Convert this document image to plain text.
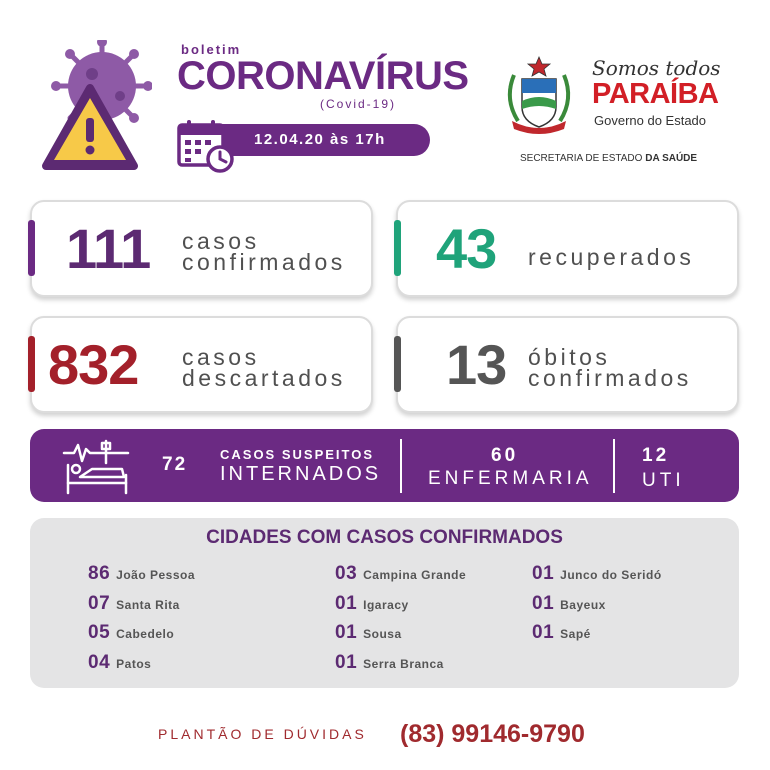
boletim
CORONAVÍRUS
(Covid-19)
12.04.20 às 17h
Somos todos
PARAÍBA
Governo do Estado
SECRETARIA DE ESTADO DA SAÚDE
111 casos
confirmados 43 recuperados
832 casos
descartados 13 óbitos
confirmados
72	CASOS SUSPEITOS
INTERNADOS
60
ENFERMARIA
12
UTI
CIDADES COM CASOS CONFIRMADOS
86 João Pessoa
07 Santa Rita
05 Cabedelo
04 Patos
03 Campina Grande
01 Igaracy
01 Sousa
01 Serra Branca
01 Junco do Seridó
01 Bayeux
01 Sapé
PLANTÃO DE DÚVIDAS (83) 99146-9790
